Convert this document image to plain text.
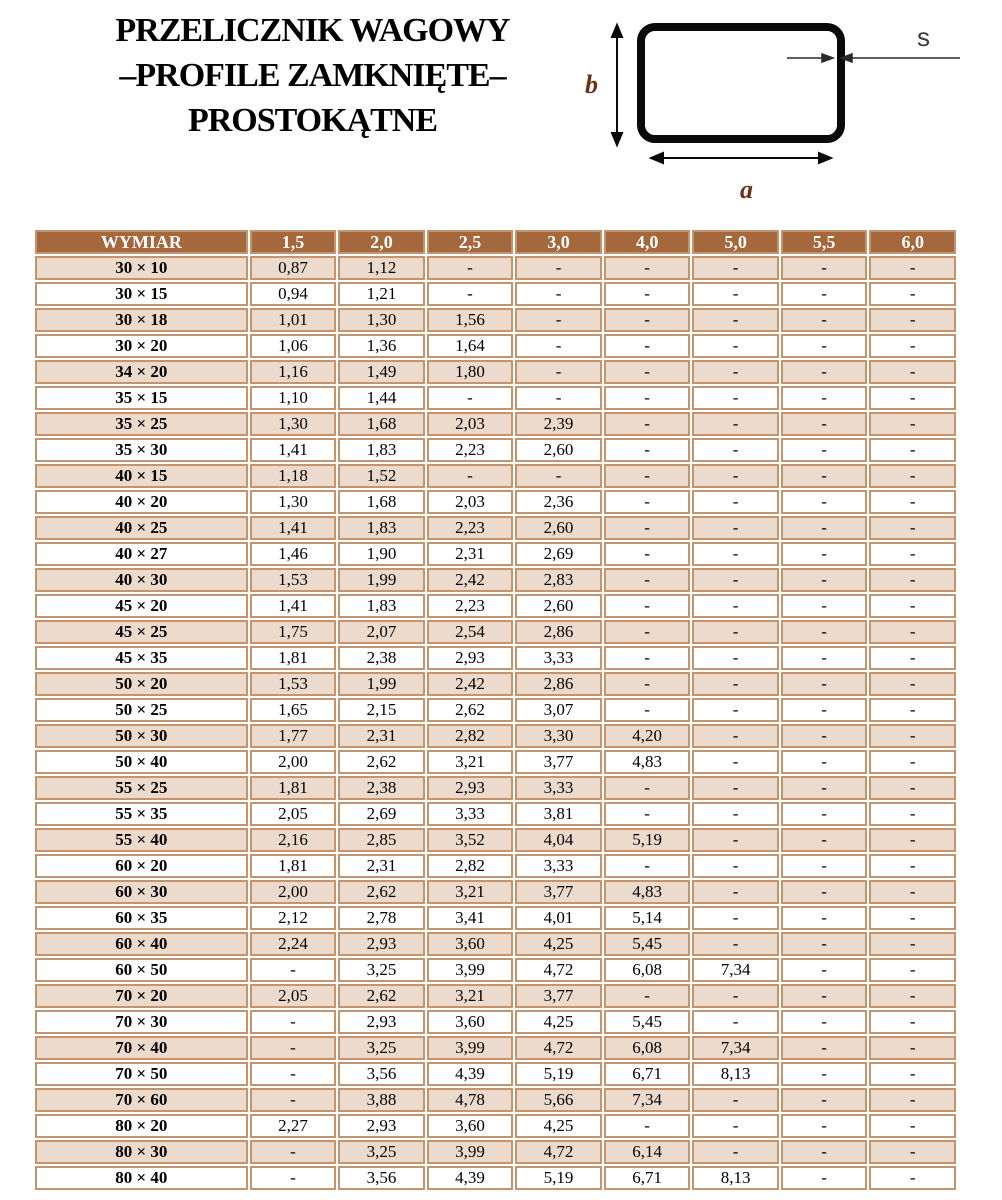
PRZELICZNIK WAGOWY
–PROFILE ZAMKNIĘTE–
PROSTOKĄTNE
b
a
s
WYMIAR	1,5	2,0	2,5	3,0	4,0	5,0	5,5	6,0
30 × 10	0,87	1,12	-	-	-	-	-	-
30 × 15	0,94	1,21	-	-	-	-	-	-
30 × 18	1,01	1,30	1,56	-	-	-	-	-
30 × 20	1,06	1,36	1,64	-	-	-	-	-
34 × 20	1,16	1,49	1,80	-	-	-	-	-
35 × 15	1,10	1,44	-	-	-	-	-	-
35 × 25	1,30	1,68	2,03	2,39	-	-	-	-
35 × 30	1,41	1,83	2,23	2,60	-	-	-	-
40 × 15	1,18	1,52	-	-	-	-	-	-
40 × 20	1,30	1,68	2,03	2,36	-	-	-	-
40 × 25	1,41	1,83	2,23	2,60	-	-	-	-
40 × 27	1,46	1,90	2,31	2,69	-	-	-	-
40 × 30	1,53	1,99	2,42	2,83	-	-	-	-
45 × 20	1,41	1,83	2,23	2,60	-	-	-	-
45 × 25	1,75	2,07	2,54	2,86	-	-	-	-
45 × 35	1,81	2,38	2,93	3,33	-	-	-	-
50 × 20	1,53	1,99	2,42	2,86	-	-	-	-
50 × 25	1,65	2,15	2,62	3,07	-	-	-	-
50 × 30	1,77	2,31	2,82	3,30	4,20	-	-	-
50 × 40	2,00	2,62	3,21	3,77	4,83	-	-	-
55 × 25	1,81	2,38	2,93	3,33	-	-	-	-
55 × 35	2,05	2,69	3,33	3,81	-	-	-	-
55 × 40	2,16	2,85	3,52	4,04	5,19	-	-	-
60 × 20	1,81	2,31	2,82	3,33	-	-	-	-
60 × 30	2,00	2,62	3,21	3,77	4,83	-	-	-
60 × 35	2,12	2,78	3,41	4,01	5,14	-	-	-
60 × 40	2,24	2,93	3,60	4,25	5,45	-	-	-
60 × 50	-	3,25	3,99	4,72	6,08	7,34	-	-
70 × 20	2,05	2,62	3,21	3,77	-	-	-	-
70 × 30	-	2,93	3,60	4,25	5,45	-	-	-
70 × 40	-	3,25	3,99	4,72	6,08	7,34	-	-
70 × 50	-	3,56	4,39	5,19	6,71	8,13	-	-
70 × 60	-	3,88	4,78	5,66	7,34	-	-	-
80 × 20	2,27	2,93	3,60	4,25	-	-	-	-
80 × 30	-	3,25	3,99	4,72	6,14	-	-	-
80 × 40	-	3,56	4,39	5,19	6,71	8,13	-	-
